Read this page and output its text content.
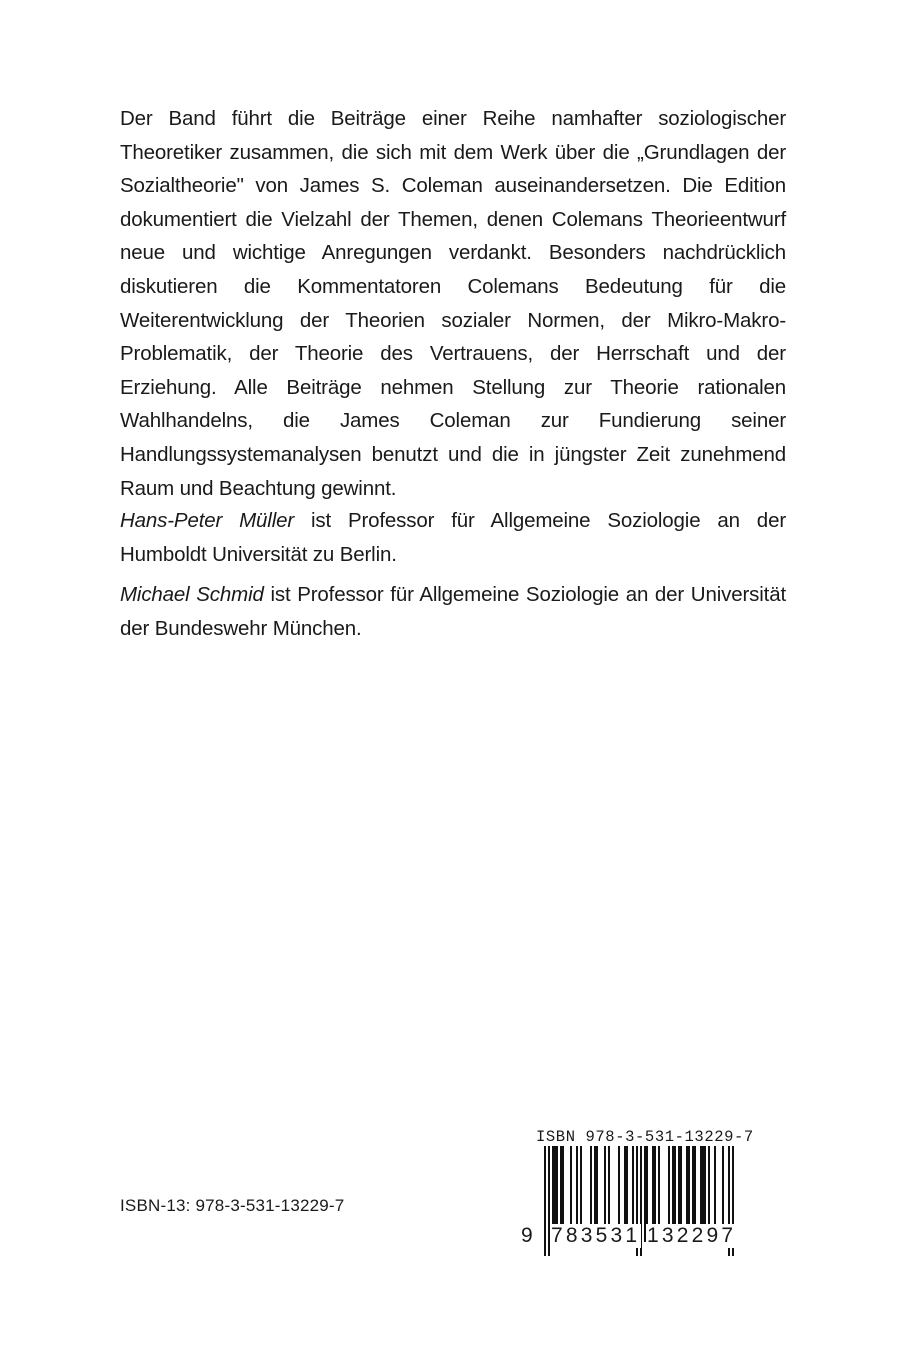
Der Band führt die Beiträge einer Reihe namhafter soziologischer Theoretiker zusammen, die sich mit dem Werk über die „Grundlagen der Sozialtheorie" von James S. Coleman auseinandersetzen. Die Edition dokumentiert die Vielzahl der Themen, denen Colemans Theorieentwurf neue und wichtige Anregungen verdankt. Besonders nachdrücklich diskutieren die Kommentatoren Colemans Bedeutung für die Weiterentwicklung der Theorien sozialer Normen, der Mikro-Makro-Problematik, der Theorie des Vertrauens, der Herrschaft und der Erziehung. Alle Beiträge nehmen Stellung zur Theorie rationalen Wahlhandelns, die James Coleman zur Fundierung seiner Handlungssystemanalysen benutzt und die in jüngster Zeit zunehmend Raum und Beachtung gewinnt.

Hans-Peter Müller ist Professor für Allgemeine Soziologie an der Humboldt Universität zu Berlin.

Michael Schmid ist Professor für Allgemeine Soziologie an der Universität der Bundeswehr München.

ISBN-13: 978-3-531-13229-7
ISBN 978-3-531-13229-7
9 783531 132297
